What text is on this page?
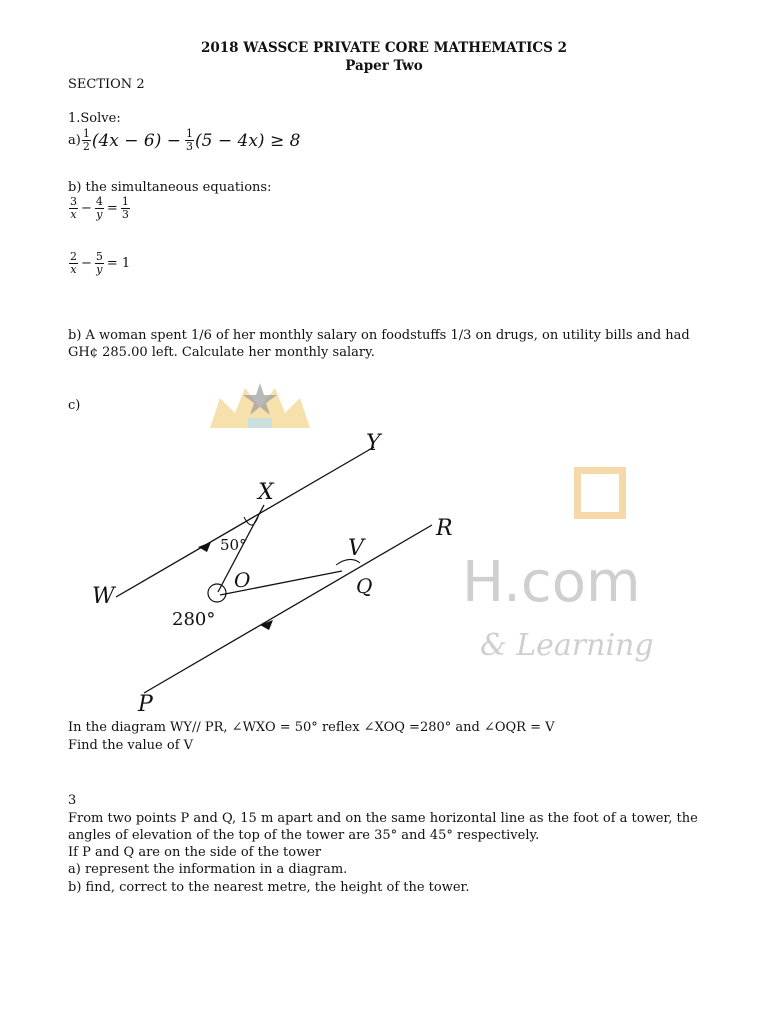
2018 WASSCE PRIVATE CORE MATHEMATICS 2
Paper Two
SECTION 2
1.Solve:
$a) \frac{1}{2} (4x - 6) - \frac{1}{3} (5 - 4x) \ge 8$
b) the simultaneous equations:
$\frac{3}{x} - \frac{4}{y} = \frac{1}{3}$
$\frac{2}{x} - \frac{5}{y} = 1$
b) A woman spent 1/6 of her monthly salary on foodstuffs 1/3 on drugs, on utility bills and had GH¢ 285.00 left. Calculate her monthly salary.
c)
H.com
& Learning
Y
X
W
R
V
O	Q
P
50°
280°
In the diagram WY// PR, ∠WXO = 50° reflex ∠XOQ =280° and ∠OQR = V
Find the value of V
3
From two points P and Q, 15 m apart and on the same horizontal line as the foot of a tower, the angles of elevation of the top of the tower are 35° and 45° respectively.
If P and Q are on the side of the tower
a) represent the information in a diagram.
b) find, correct to the nearest metre, the height of the tower.
